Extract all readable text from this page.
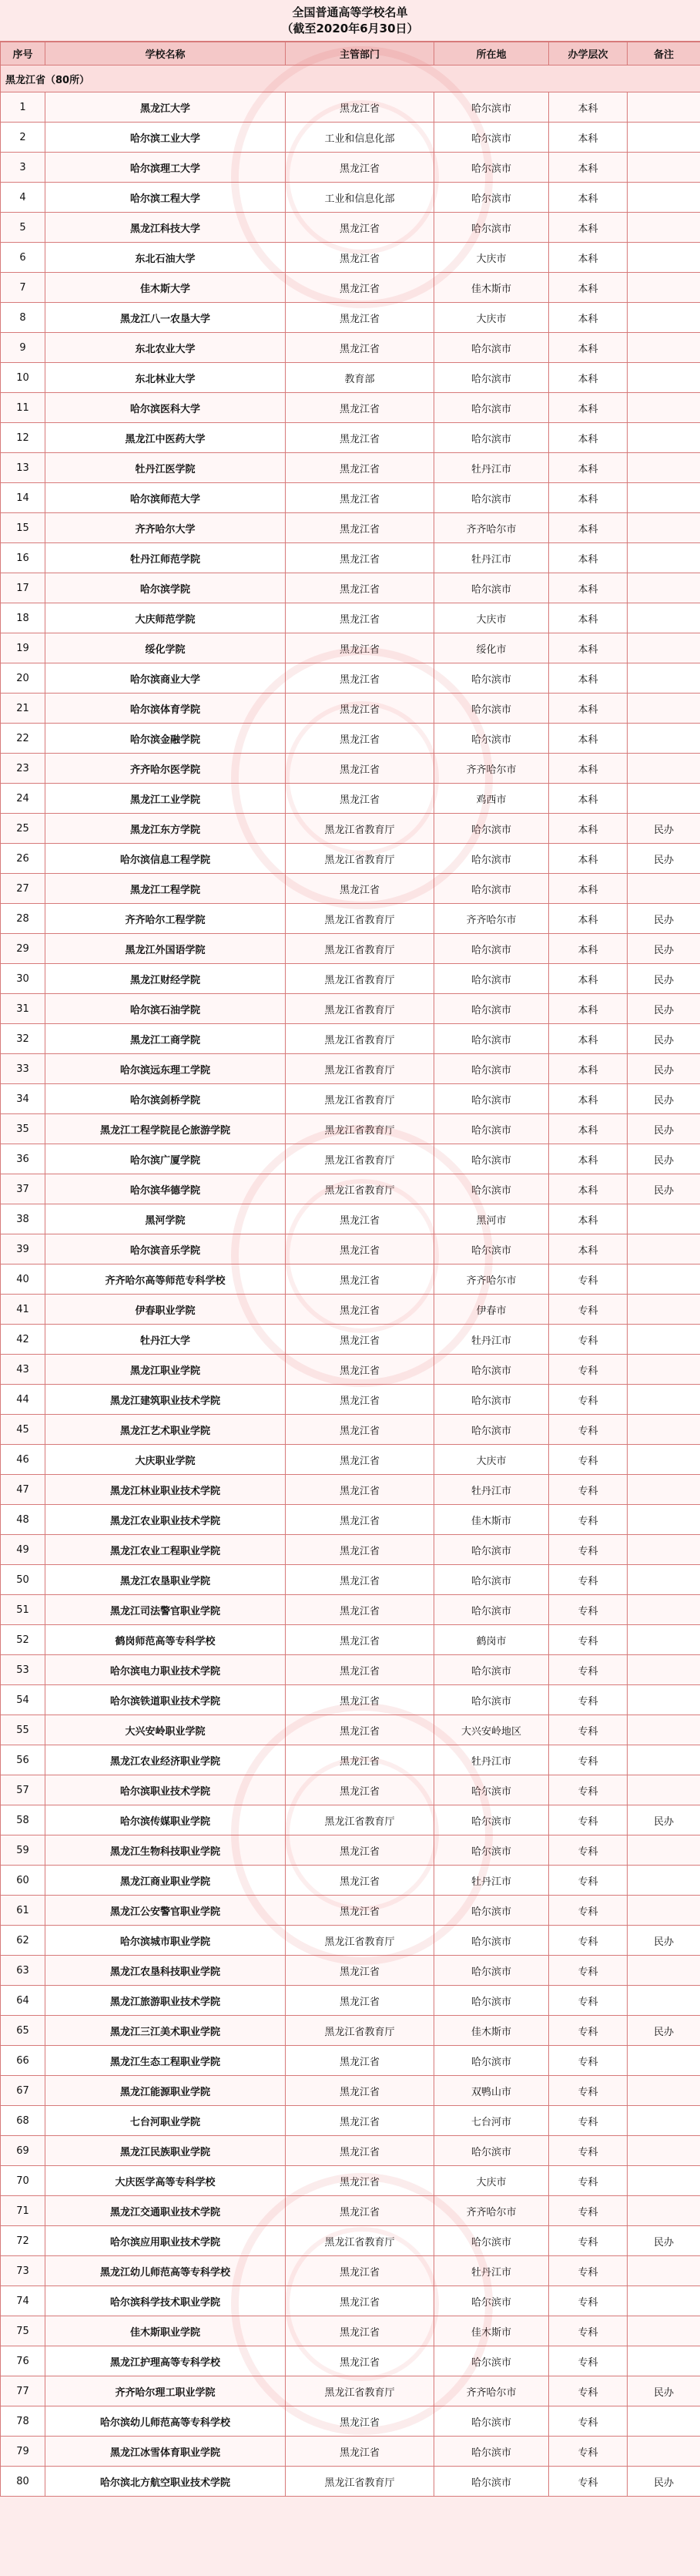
全国普通高等学校名单
（截至2020年6月30日）
序号	学校名称	主管部门	所在地	办学层次	备注
黑龙江省（80所）					
1	黑龙江大学	黑龙江省	哈尔滨市	本科	
2	哈尔滨工业大学	工业和信息化部	哈尔滨市	本科	
3	哈尔滨理工大学	黑龙江省	哈尔滨市	本科	
4	哈尔滨工程大学	工业和信息化部	哈尔滨市	本科	
5	黑龙江科技大学	黑龙江省	哈尔滨市	本科	
6	东北石油大学	黑龙江省	大庆市	本科	
7	佳木斯大学	黑龙江省	佳木斯市	本科	
8	黑龙江八一农垦大学	黑龙江省	大庆市	本科	
9	东北农业大学	黑龙江省	哈尔滨市	本科	
10	东北林业大学	教育部	哈尔滨市	本科	
11	哈尔滨医科大学	黑龙江省	哈尔滨市	本科	
12	黑龙江中医药大学	黑龙江省	哈尔滨市	本科	
13	牡丹江医学院	黑龙江省	牡丹江市	本科	
14	哈尔滨师范大学	黑龙江省	哈尔滨市	本科	
15	齐齐哈尔大学	黑龙江省	齐齐哈尔市	本科	
16	牡丹江师范学院	黑龙江省	牡丹江市	本科	
17	哈尔滨学院	黑龙江省	哈尔滨市	本科	
18	大庆师范学院	黑龙江省	大庆市	本科	
19	绥化学院	黑龙江省	绥化市	本科	
20	哈尔滨商业大学	黑龙江省	哈尔滨市	本科	
21	哈尔滨体育学院	黑龙江省	哈尔滨市	本科	
22	哈尔滨金融学院	黑龙江省	哈尔滨市	本科	
23	齐齐哈尔医学院	黑龙江省	齐齐哈尔市	本科	
24	黑龙江工业学院	黑龙江省	鸡西市	本科	
25	黑龙江东方学院	黑龙江省教育厅	哈尔滨市	本科	民办
26	哈尔滨信息工程学院	黑龙江省教育厅	哈尔滨市	本科	民办
27	黑龙江工程学院	黑龙江省	哈尔滨市	本科	
28	齐齐哈尔工程学院	黑龙江省教育厅	齐齐哈尔市	本科	民办
29	黑龙江外国语学院	黑龙江省教育厅	哈尔滨市	本科	民办
30	黑龙江财经学院	黑龙江省教育厅	哈尔滨市	本科	民办
31	哈尔滨石油学院	黑龙江省教育厅	哈尔滨市	本科	民办
32	黑龙江工商学院	黑龙江省教育厅	哈尔滨市	本科	民办
33	哈尔滨远东理工学院	黑龙江省教育厅	哈尔滨市	本科	民办
34	哈尔滨剑桥学院	黑龙江省教育厅	哈尔滨市	本科	民办
35	黑龙江工程学院昆仑旅游学院	黑龙江省教育厅	哈尔滨市	本科	民办
36	哈尔滨广厦学院	黑龙江省教育厅	哈尔滨市	本科	民办
37	哈尔滨华德学院	黑龙江省教育厅	哈尔滨市	本科	民办
38	黑河学院	黑龙江省	黑河市	本科	
39	哈尔滨音乐学院	黑龙江省	哈尔滨市	本科	
40	齐齐哈尔高等师范专科学校	黑龙江省	齐齐哈尔市	专科	
41	伊春职业学院	黑龙江省	伊春市	专科	
42	牡丹江大学	黑龙江省	牡丹江市	专科	
43	黑龙江职业学院	黑龙江省	哈尔滨市	专科	
44	黑龙江建筑职业技术学院	黑龙江省	哈尔滨市	专科	
45	黑龙江艺术职业学院	黑龙江省	哈尔滨市	专科	
46	大庆职业学院	黑龙江省	大庆市	专科	
47	黑龙江林业职业技术学院	黑龙江省	牡丹江市	专科	
48	黑龙江农业职业技术学院	黑龙江省	佳木斯市	专科	
49	黑龙江农业工程职业学院	黑龙江省	哈尔滨市	专科	
50	黑龙江农垦职业学院	黑龙江省	哈尔滨市	专科	
51	黑龙江司法警官职业学院	黑龙江省	哈尔滨市	专科	
52	鹤岗师范高等专科学校	黑龙江省	鹤岗市	专科	
53	哈尔滨电力职业技术学院	黑龙江省	哈尔滨市	专科	
54	哈尔滨铁道职业技术学院	黑龙江省	哈尔滨市	专科	
55	大兴安岭职业学院	黑龙江省	大兴安岭地区	专科	
56	黑龙江农业经济职业学院	黑龙江省	牡丹江市	专科	
57	哈尔滨职业技术学院	黑龙江省	哈尔滨市	专科	
58	哈尔滨传媒职业学院	黑龙江省教育厅	哈尔滨市	专科	民办
59	黑龙江生物科技职业学院	黑龙江省	哈尔滨市	专科	
60	黑龙江商业职业学院	黑龙江省	牡丹江市	专科	
61	黑龙江公安警官职业学院	黑龙江省	哈尔滨市	专科	
62	哈尔滨城市职业学院	黑龙江省教育厅	哈尔滨市	专科	民办
63	黑龙江农垦科技职业学院	黑龙江省	哈尔滨市	专科	
64	黑龙江旅游职业技术学院	黑龙江省	哈尔滨市	专科	
65	黑龙江三江美术职业学院	黑龙江省教育厅	佳木斯市	专科	民办
66	黑龙江生态工程职业学院	黑龙江省	哈尔滨市	专科	
67	黑龙江能源职业学院	黑龙江省	双鸭山市	专科	
68	七台河职业学院	黑龙江省	七台河市	专科	
69	黑龙江民族职业学院	黑龙江省	哈尔滨市	专科	
70	大庆医学高等专科学校	黑龙江省	大庆市	专科	
71	黑龙江交通职业技术学院	黑龙江省	齐齐哈尔市	专科	
72	哈尔滨应用职业技术学院	黑龙江省教育厅	哈尔滨市	专科	民办
73	黑龙江幼儿师范高等专科学校	黑龙江省	牡丹江市	专科	
74	哈尔滨科学技术职业学院	黑龙江省	哈尔滨市	专科	
75	佳木斯职业学院	黑龙江省	佳木斯市	专科	
76	黑龙江护理高等专科学校	黑龙江省	哈尔滨市	专科	
77	齐齐哈尔理工职业学院	黑龙江省教育厅	齐齐哈尔市	专科	民办
78	哈尔滨幼儿师范高等专科学校	黑龙江省	哈尔滨市	专科	
79	黑龙江冰雪体育职业学院	黑龙江省	哈尔滨市	专科	
80	哈尔滨北方航空职业技术学院	黑龙江省教育厅	哈尔滨市	专科	民办
